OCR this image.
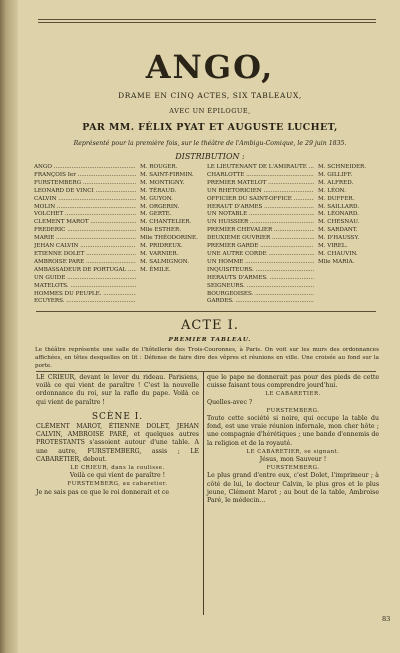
ANGO,
DRAME EN CINQ ACTES, SIX TABLEAUX,
AVEC UN ÉPILOGUE,
PAR MM. FÉLIX PYAT ET AUGUSTE LUCHET,
Représenté pour la première fois, sur le théâtre de l'Ambigu-Comique, le 29 juin 1835.
DISTRIBUTION :
ANGO .....	M. ROUGER.
FRANÇOIS Ier .....	M. SAINT-FIRMIN.
FURSTEMBERG .....	M. MONTIGNY.
LÉONARD DE VINCI .....	M. TÉRAUD.
CALVIN .....	M. GUYON.
MOLIN .....	M. ORGERIN.
VOLCHET .....	M. GERTE.
CLÉMENT MAROT .....	M. CHANTELIER.
FRÉDÉRIC .....	Mlle ESTHER.
MARIE .....	Mlle THÉODORINE.
JEHAN CALVIN .....	M. PRIDREUX.
ÉTIENNE DOLET .....	M. VARNIER.
AMBROISE PARÉ .....	M. SALMIGNON.
AMBASSADEUR DE PORTUGAL .....	M. ÉMILE.
UN GUIDE .....
MATELOTS. .....
HOMMES DU PEUPLE. .....
ÉCUYERS. .....
LE LIEUTENANT DE L'AMIRAUTÉ .....	M. SCHNEIDER.
CHARLOTTE .....	M. GILLIFF.
PREMIER MATELOT .....	M. ALFRED.
UN RHÉTORICIEN .....	M. LÉON.
OFFICIER DU SAINT-OFFICE .....	M. DUFFER.
HÉRAUT D'ARMES .....	M. SAILLARD.
UN NOTABLE .....	M. LÉONARD.
UN HUISSIER .....	M. CHESNAU.
PREMIER CHEVALIER .....	M. SARDANT.
DEUXIÈME OUVRIER .....	M. D'HAUSSY.
PREMIER GARDE .....	M. VIREL.
UNE AUTRE CORDE .....	M. CHAUVIN.
UN HOMME .....	Mlle MARIA.
INQUISITEURS. .....
HÉRAUTS D'ARMES. .....
SEIGNEURS. .....
BOURGEOISES. .....
GARDES. .....
ACTE I.
PREMIER TABLEAU.
Le théâtre représente une salle de l'hôtellerie des Trois-Couronnes, à Paris. On voit sur les murs des ordonnances affichées, en têtes desquelles on lit : Défense de faire dire des vêpres et réunions en ville. Une croisée au fond sur la porte.
LE CRIEUR, devant le lever du rideau. Parisiens, voilà ce qui vient de paraître ! C'est la nouvelle ordonnance du roi, sur la rafle du pape. Voilà ce qui vient de paraître !
SCÈNE I.
CLÉMENT MAROT, ÉTIENNE DOLET, JEHAN CALVIN, AMBROISE PARÉ, et quelques autres PROTESTANTS s'assoient autour d'une table. A une autre, FURSTEMBERG, assis ; LE CABARETIER, debout.
LE CRIEUR, dans la coulisse.
Voilà ce qui vient de paraître !
FURSTEMBERG, au cabaretier.
Je ne sais pas ce que le roi donnerait et ce
que le pape ne donnerait pas pour des pieds de cette cuisse faisant tous comprendre jourd'hui.
LE CABARETIER.
Quelles-avec ?
FURSTEMBERG.
Toute cette société si noire, qui occupe la table du fond, est une vraie réunion infernale, mon cher hôte ; une compagnie d'hérétiques ; une bande d'ennemis de la religion et de la royauté.
LE CABARETIER, se signant.
Jésus, mon Sauveur !
FURSTEMBERG.
Le plus grand d'entre eux, c'est Dolet, l'imprimeur ; à côté de lui, le docteur Calvin, le plus gros et le plus jeune, Clément Marot ; au bout de la table, Ambroise Paré, le médecin...
83
